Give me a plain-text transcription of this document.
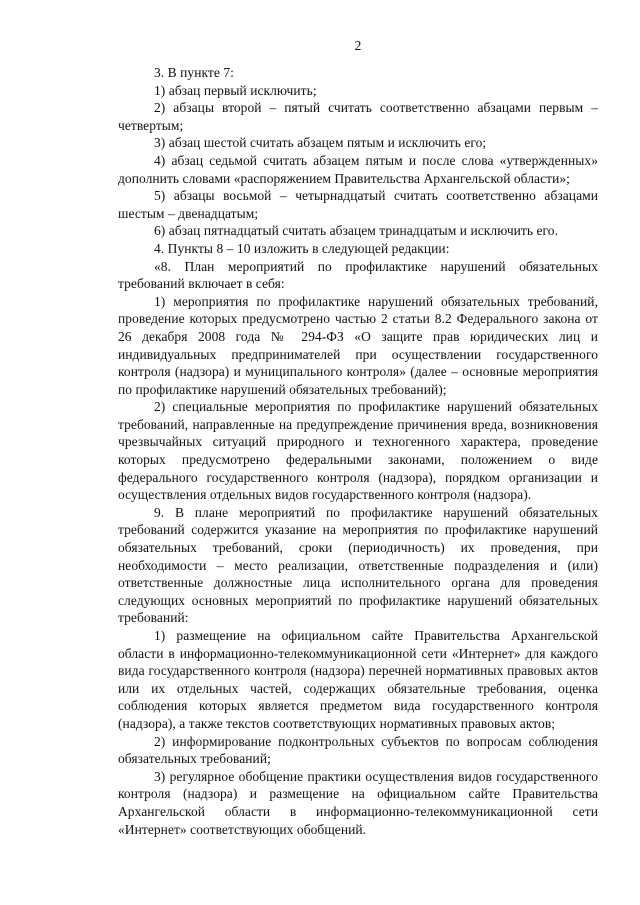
2

3. В пункте 7:

1) абзац первый исключить;

2) абзацы второй – пятый считать соответственно абзацами первым – четвертым;

3) абзац шестой считать абзацем пятым и исключить его;

4) абзац седьмой считать абзацем пятым и после слова «утвержденных» дополнить словами «распоряжением Правительства Архангельской области»;

5) абзацы восьмой – четырнадцатый считать соответственно абзацами шестым – двенадцатым;

6) абзац пятнадцатый считать абзацем тринадцатым и исключить его.

4. Пункты 8 – 10 изложить в следующей редакции:

«8. План мероприятий по профилактике нарушений обязательных требований включает в себя:

1) мероприятия по профилактике нарушений обязательных требований, проведение которых предусмотрено частью 2 статьи 8.2 Федерального закона от 26 декабря 2008 года № 294-ФЗ «О защите прав юридических лиц и индивидуальных предпринимателей при осуществлении государственного контроля (надзора) и муниципального контроля» (далее – основные мероприятия по профилактике нарушений обязательных требований);

2) специальные мероприятия по профилактике нарушений обязательных требований, направленные на предупреждение причинения вреда, возникновения чрезвычайных ситуаций природного и техногенного характера, проведение которых предусмотрено федеральными законами, положением о виде федерального государственного контроля (надзора), порядком организации и осуществления отдельных видов государственного контроля (надзора).

9. В плане мероприятий по профилактике нарушений обязательных требований содержится указание на мероприятия по профилактике нарушений обязательных требований, сроки (периодичность) их проведения, при необходимости – место реализации, ответственные подразделения и (или) ответственные должностные лица исполнительного органа для проведения следующих основных мероприятий по профилактике нарушений обязательных требований:

1) размещение на официальном сайте Правительства Архангельской области в информационно-телекоммуникационной сети «Интернет» для каждого вида государственного контроля (надзора) перечней нормативных правовых актов или их отдельных частей, содержащих обязательные требования, оценка соблюдения которых является предметом вида государственного контроля (надзора), а также текстов соответствующих нормативных правовых актов;

2) информирование подконтрольных субъектов по вопросам соблюдения обязательных требований;

3) регулярное обобщение практики осуществления видов государственного контроля (надзора) и размещение на официальном сайте Правительства Архангельской области в информационно-телекоммуникационной сети «Интернет» соответствующих обобщений.
